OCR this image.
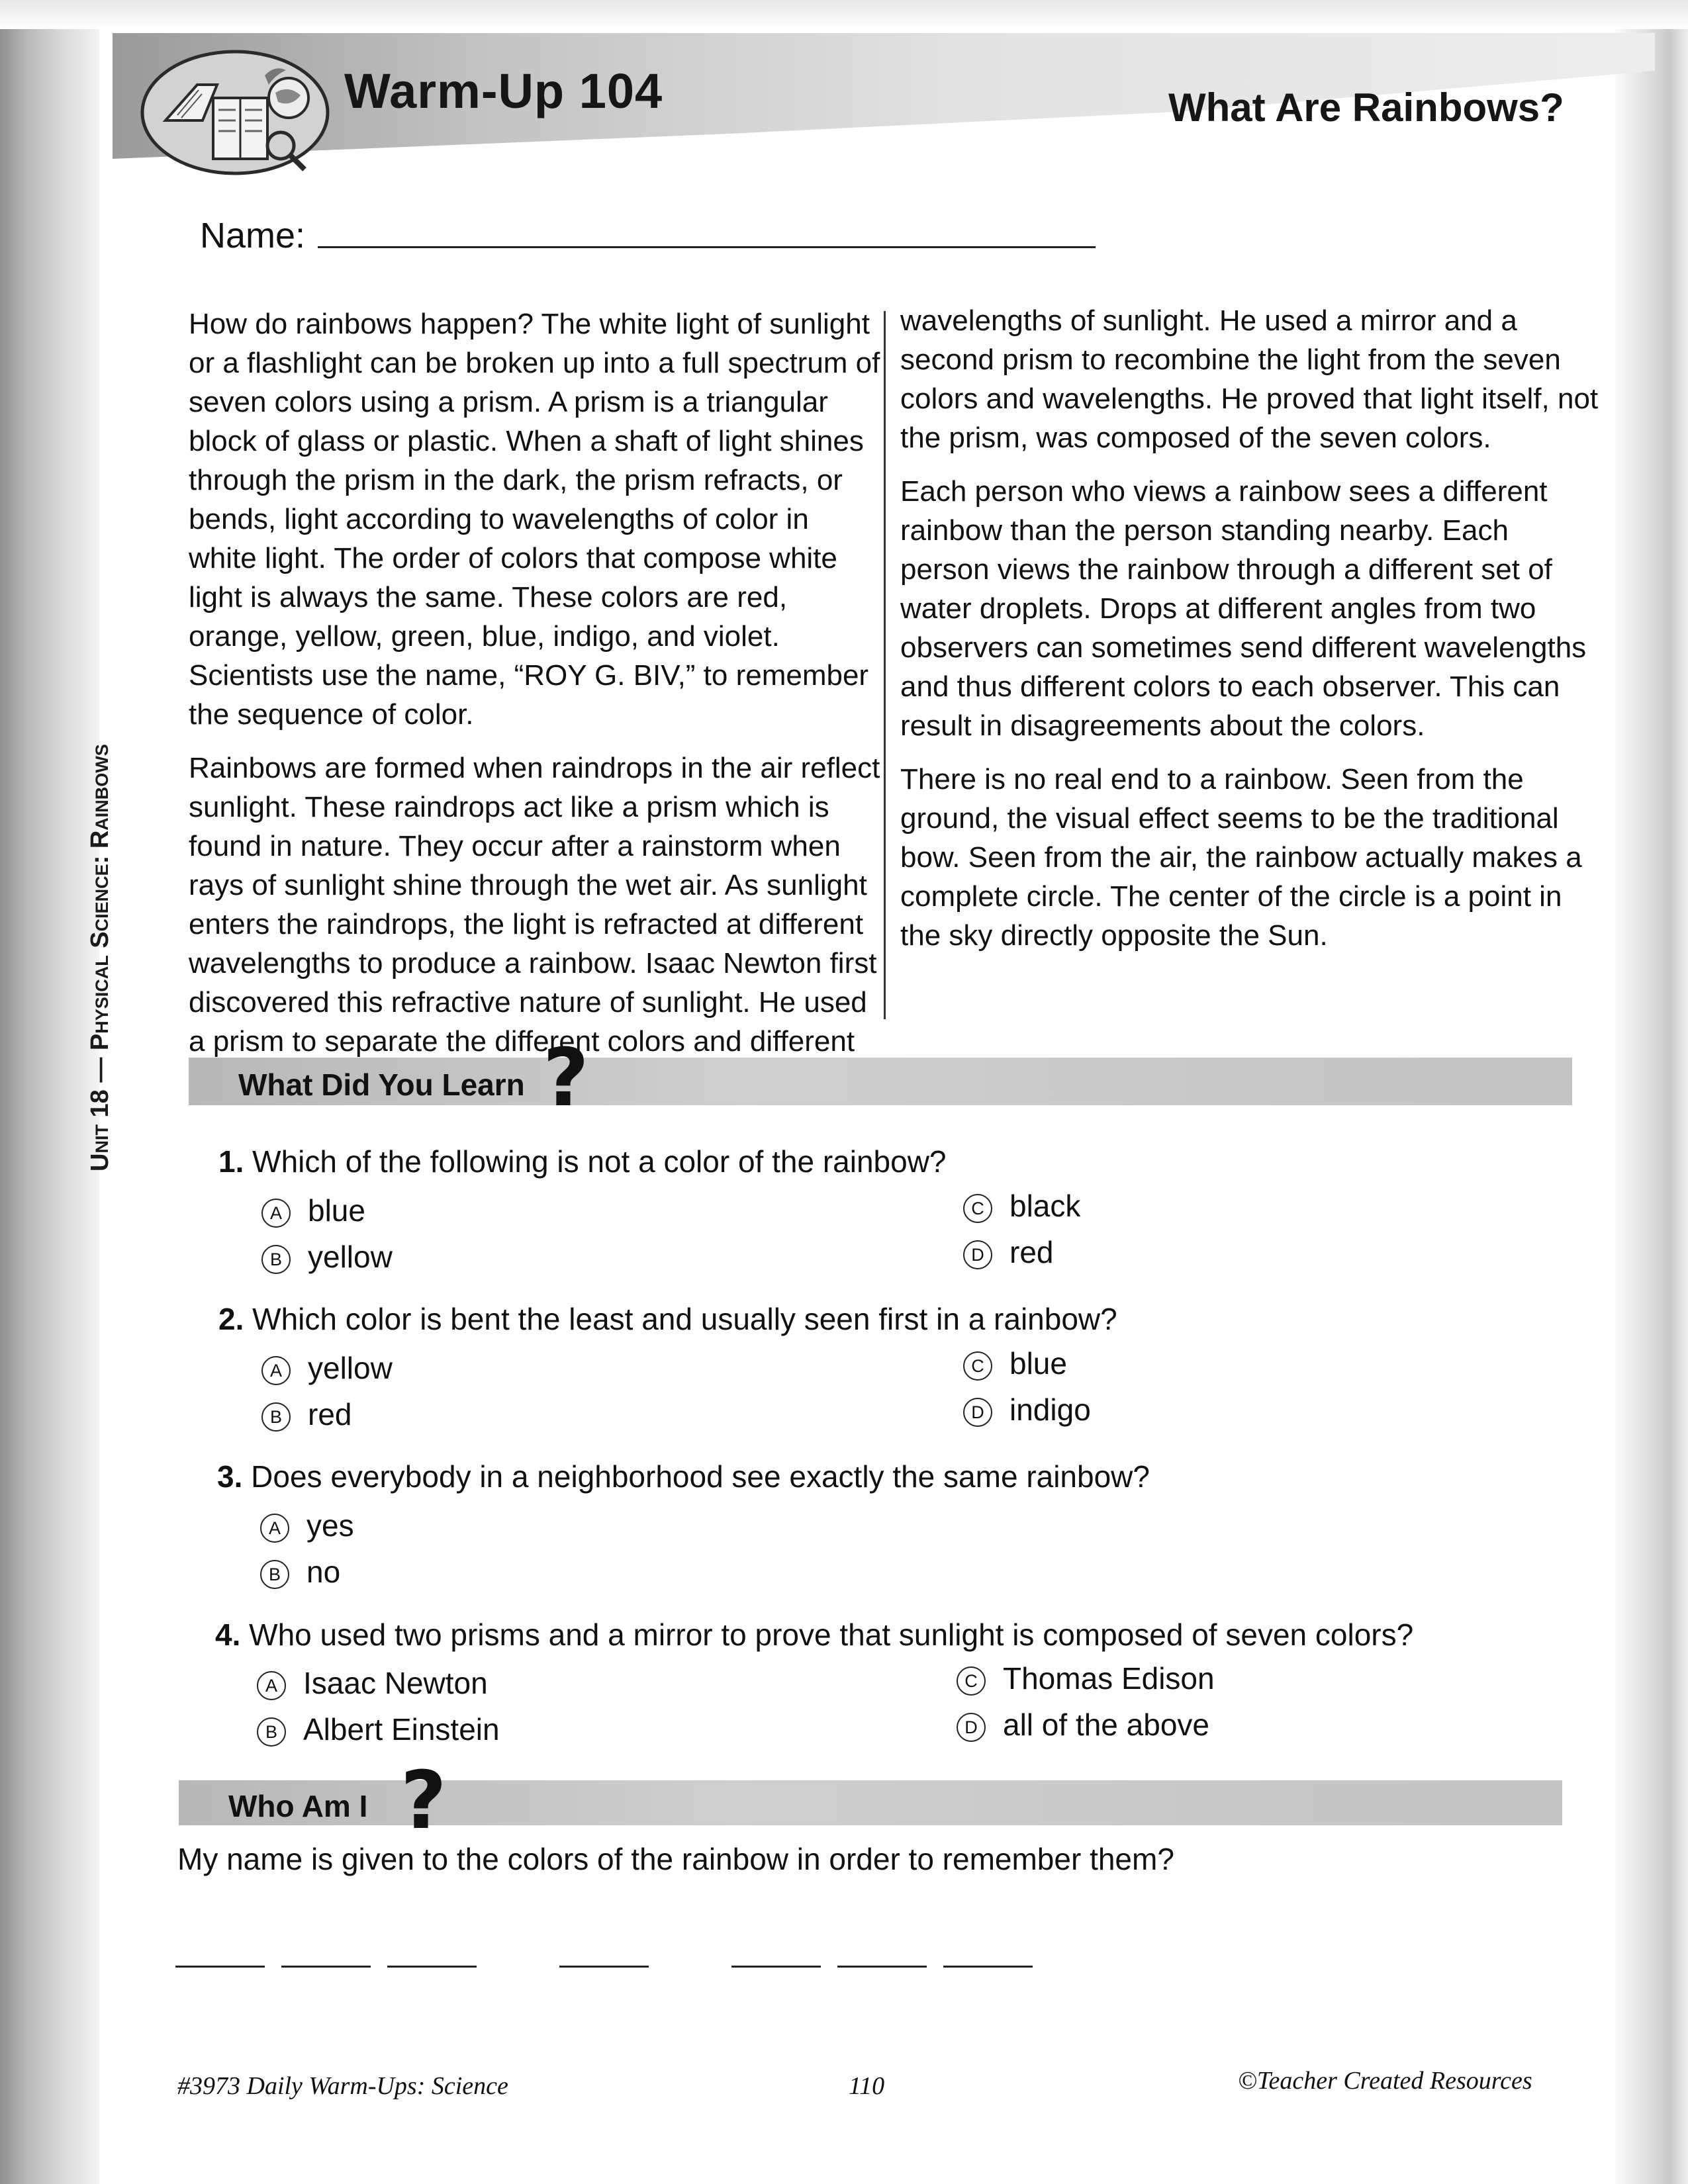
Warm-Up 104	What Are Rainbows?
Name:

How do rainbows happen? The white light of sunlight or a flashlight can be broken up into a full spectrum of seven colors using a prism. A prism is a triangular block of glass or plastic. When a shaft of light shines through the prism in the dark, the prism refracts, or bends, light according to wavelengths of color in white light. The order of colors that compose white light is always the same. These colors are red, orange, yellow, green, blue, indigo, and violet. Scientists use the name, “ROY G. BIV,” to remember the sequence of color.

Rainbows are formed when raindrops in the air reflect sunlight. These raindrops act like a prism which is found in nature. They occur after a rainstorm when rays of sunlight shine through the wet air. As sunlight enters the raindrops, the light is refracted at different wavelengths to produce a rainbow. Isaac Newton first discovered this refractive nature of sunlight. He used a prism to separate the different colors and different

wavelengths of sunlight. He used a mirror and a second prism to recombine the light from the seven colors and wavelengths. He proved that light itself, not the prism, was composed of the seven colors.

Each person who views a rainbow sees a different rainbow than the person standing nearby. Each person views the rainbow through a different set of water droplets. Drops at different angles from two observers can sometimes send different wavelengths and thus different colors to each observer. This can result in disagreements about the colors.

There is no real end to a rainbow. Seen from the ground, the visual effect seems to be the traditional bow. Seen from the air, the rainbow actually makes a complete circle. The center of the circle is a point in the sky directly opposite the Sun.

Unit 18 — Physical Science: Rainbows	What Did You Learn ?
1. Which of the following is not a color of the rainbow?
A blue
B yellow
C black
D red
2. Which color is bent the least and usually seen first in a rainbow?
A yellow
B red
C blue
D indigo
3. Does everybody in a neighborhood see exactly the same rainbow?
A yes
B no
4. Who used two prisms and a mirror to prove that sunlight is composed of seven colors?
A Isaac Newton
B Albert Einstein
C Thomas Edison
D all of the above
Who Am I ?
My name is given to the colors of the rainbow in order to remember them?
#3973 Daily Warm-Ups: Science	110	©Teacher Created Resources
